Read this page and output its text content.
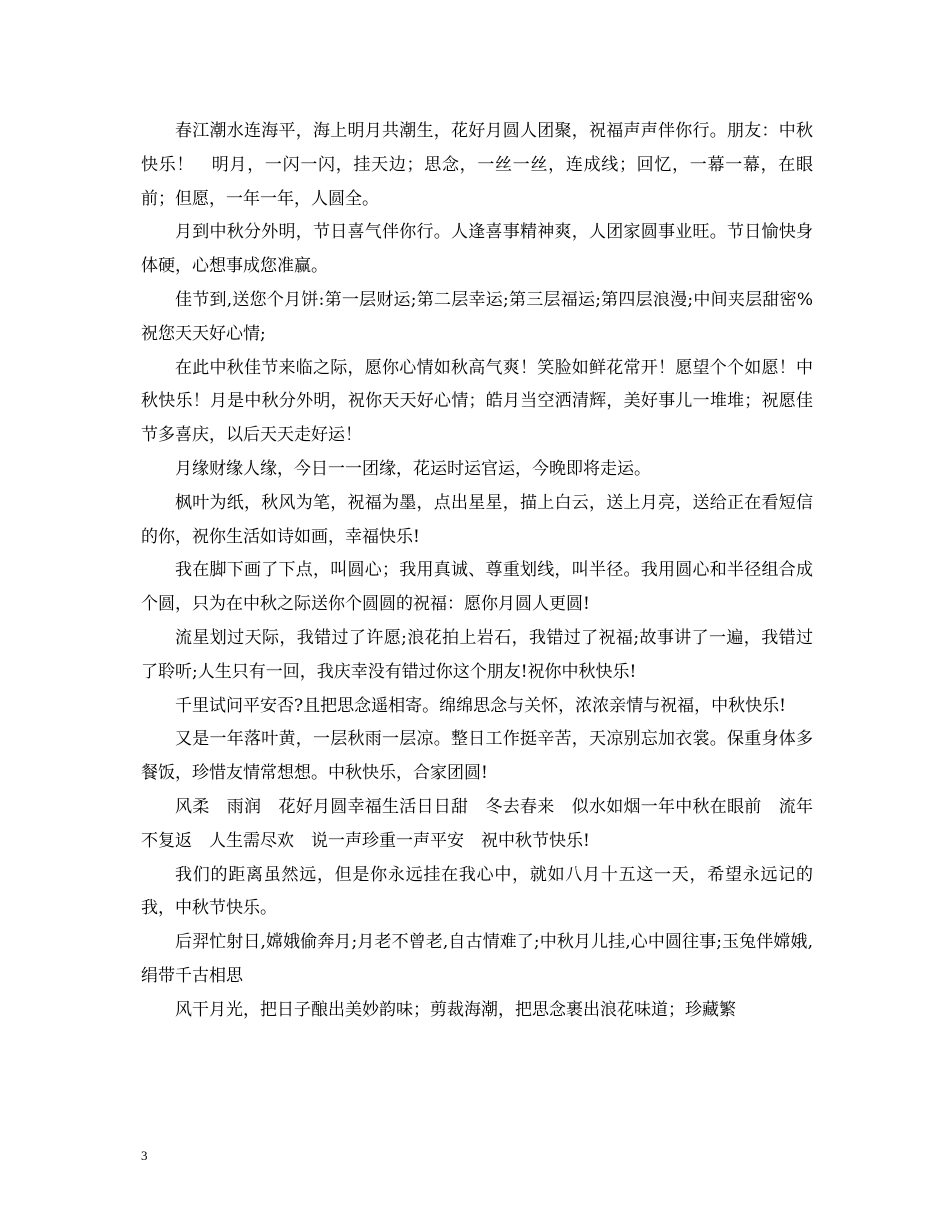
春江潮水连海平，海上明月共潮生，花好月圆人团聚，祝福声声伴你行。朋友：中秋快乐！　明月，一闪一闪，挂天边；思念，一丝一丝，连成线；回忆，一幕一幕，在眼前；但愿，一年一年，人圆全。

月到中秋分外明，节日喜气伴你行。人逢喜事精神爽，人团家圆事业旺。节日愉快身体硬，心想事成您准赢。

佳节到,送您个月饼:第一层财运;第二层幸运;第三层福运;第四层浪漫;中间夹层甜密%祝您天天好心情;

在此中秋佳节来临之际，愿你心情如秋高气爽！笑脸如鲜花常开！愿望个个如愿！中秋快乐！月是中秋分外明，祝你天天好心情；皓月当空洒清辉，美好事儿一堆堆；祝愿佳节多喜庆，以后天天走好运！

月缘财缘人缘，今日一一团缘，花运时运官运，今晚即将走运。

枫叶为纸，秋风为笔，祝福为墨，点出星星，描上白云，送上月亮，送给正在看短信的你，祝你生活如诗如画，幸福快乐!

我在脚下画了下点，叫圆心；我用真诚、尊重划线，叫半径。我用圆心和半径组合成个圆，只为在中秋之际送你个圆圆的祝福：愿你月圆人更圆!

流星划过天际，我错过了许愿;浪花拍上岩石，我错过了祝福;故事讲了一遍，我错过了聆听;人生只有一回，我庆幸没有错过你这个朋友!祝你中秋快乐!

千里试问平安否?且把思念遥相寄。绵绵思念与关怀，浓浓亲情与祝福，中秋快乐!

又是一年落叶黄，一层秋雨一层凉。整日工作挺辛苦，天凉别忘加衣裳。保重身体多餐饭，珍惜友情常想想。中秋快乐，合家团圆!

风柔　雨润　花好月圆幸福生活日日甜　冬去春来　似水如烟一年中秋在眼前　流年不复返　人生需尽欢　说一声珍重一声平安　祝中秋节快乐!

我们的距离虽然远，但是你永远挂在我心中，就如八月十五这一天，希望永远记的我，中秋节快乐。

后羿忙射日,嫦娥偷奔月;月老不曾老,自古情难了;中秋月儿挂,心中圆往事;玉兔伴嫦娥,绢带千古相思

风干月光，把日子酿出美妙韵味；剪裁海潮，把思念裹出浪花味道；珍藏繁

3
